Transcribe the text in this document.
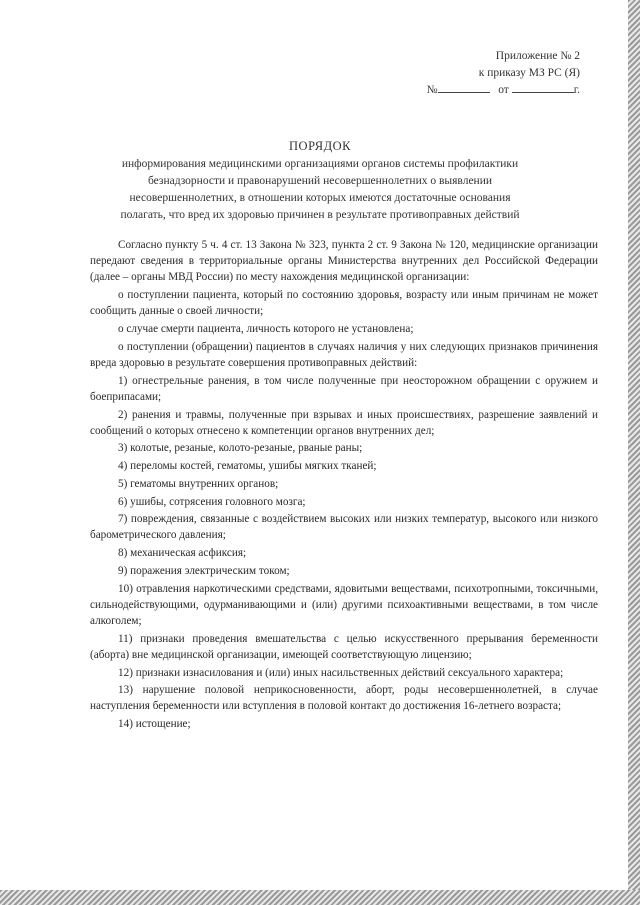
Приложение № 2
к приказу МЗ РС (Я)
№	от	г.
ПОРЯДОК
информирования медицинскими организациями органов системы профилактики безнадзорности и правонарушений несовершеннолетних о выявлении несовершеннолетних, в отношении которых имеются достаточные основания полагать, что вред их здоровью причинен в результате противоправных действий

Согласно пункту 5 ч. 4 ст. 13 Закона № 323, пункта 2 ст. 9 Закона № 120, медицинские организации передают сведения в территориальные органы Министерства внутренних дел Российской Федерации (далее – органы МВД России) по месту нахождения медицинской организации:

о поступлении пациента, который по состоянию здоровья, возрасту или иным причинам не может сообщить данные о своей личности;

о случае смерти пациента, личность которого не установлена;

о поступлении (обращении) пациентов в случаях наличия у них следующих признаков причинения вреда здоровью в результате совершения противоправных действий:

1) огнестрельные ранения, в том числе полученные при неосторожном обращении с оружием и боеприпасами;

2) ранения и травмы, полученные при взрывах и иных происшествиях, разрешение заявлений и сообщений о которых отнесено к компетенции органов внутренних дел;

3) колотые, резаные, колото-резаные, рваные раны;

4) переломы костей, гематомы, ушибы мягких тканей;

5) гематомы внутренних органов;

6) ушибы, сотрясения головного мозга;

7) повреждения, связанные с воздействием высоких или низких температур, высокого или низкого барометрического давления;

8) механическая асфиксия;

9) поражения электрическим током;

10) отравления наркотическими средствами, ядовитыми веществами, психотропными, токсичными, сильнодействующими, одурманивающими и (или) другими психоактивными веществами, в том числе алкоголем;

11) признаки проведения вмешательства с целью искусственного прерывания беременности (аборта) вне медицинской организации, имеющей соответствующую лицензию;

12) признаки изнасилования и (или) иных насильственных действий сексуального характера;

13) нарушение половой неприкосновенности, аборт, роды несовершеннолетней, в случае наступления беременности или вступления в половой контакт до достижения 16-летнего возраста;

14) истощение;
